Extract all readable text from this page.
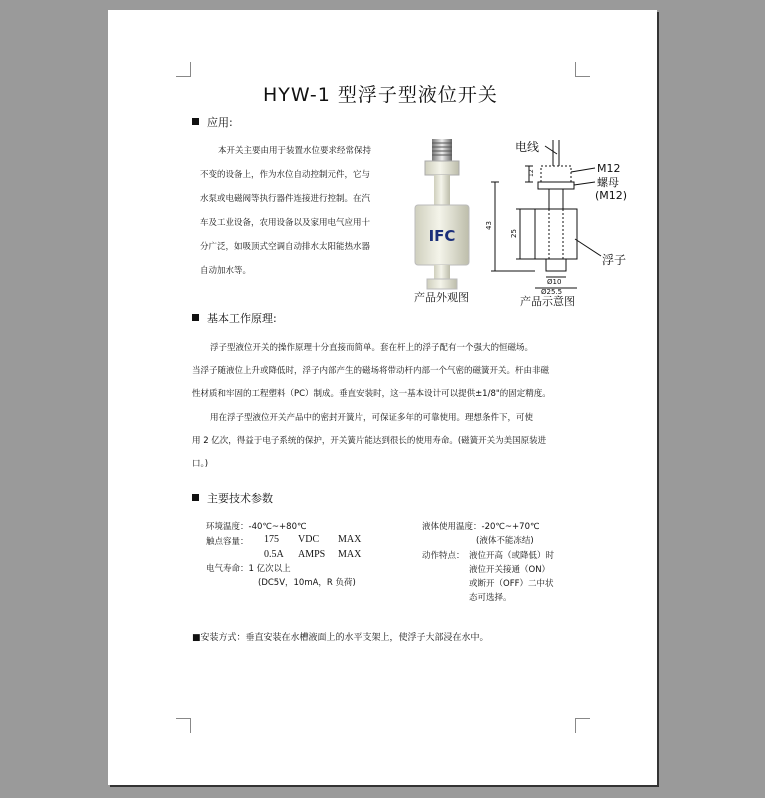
HYW-1 型浮子型液位开关
应用:
本开关主要由用于装置水位要求经常保持
不变的设备上，作为水位自动控制元件，它与
水泵或电磁阀等执行器件连接进行控制。在汽
车及工业设备，农用设备以及家用电气应用十
分广泛，如吸顶式空调自动排水太阳能热水器
自动加水等。
IFC
产品外观图
电线
M12
螺母
(M12)
浮子
12
43
25
Ø10
Ø25.5
产品示意图
基本工作原理:
浮子型液位开关的操作原理十分直接而简单。套在杆上的浮子配有一个强大的恒磁场。
当浮子随液位上升或降低时，浮子内部产生的磁场将带动杆内部一个气密的磁簧开关。杆由非磁
性材质和牢固的工程塑料（PC）制成。垂直安装时，这一基本设计可以提供±1/8"的固定精度。
用在浮子型液位开关产品中的密封开簧片，可保证多年的可靠使用。理想条件下，可使
用 2 亿次，得益于电子系统的保护，开关簧片能达到很长的使用寿命。(磁簧开关为美国原装进
口。)
主要技术参数
环境温度：-40℃~+80℃
触点容量： 175 VDC MAX
0.5A AMPS MAX
电气寿命：1 亿次以上
(DC5V，10mA，R 负荷)
液体使用温度：-20℃~+70℃
(液体不能冻结)
动作特点： 液位开高（或降低）时
液位开关接通（ON）
或断开（OFF）二中状
态可选择。
■安装方式：垂直安装在水槽液面上的水平支架上，使浮子大部浸在水中。
